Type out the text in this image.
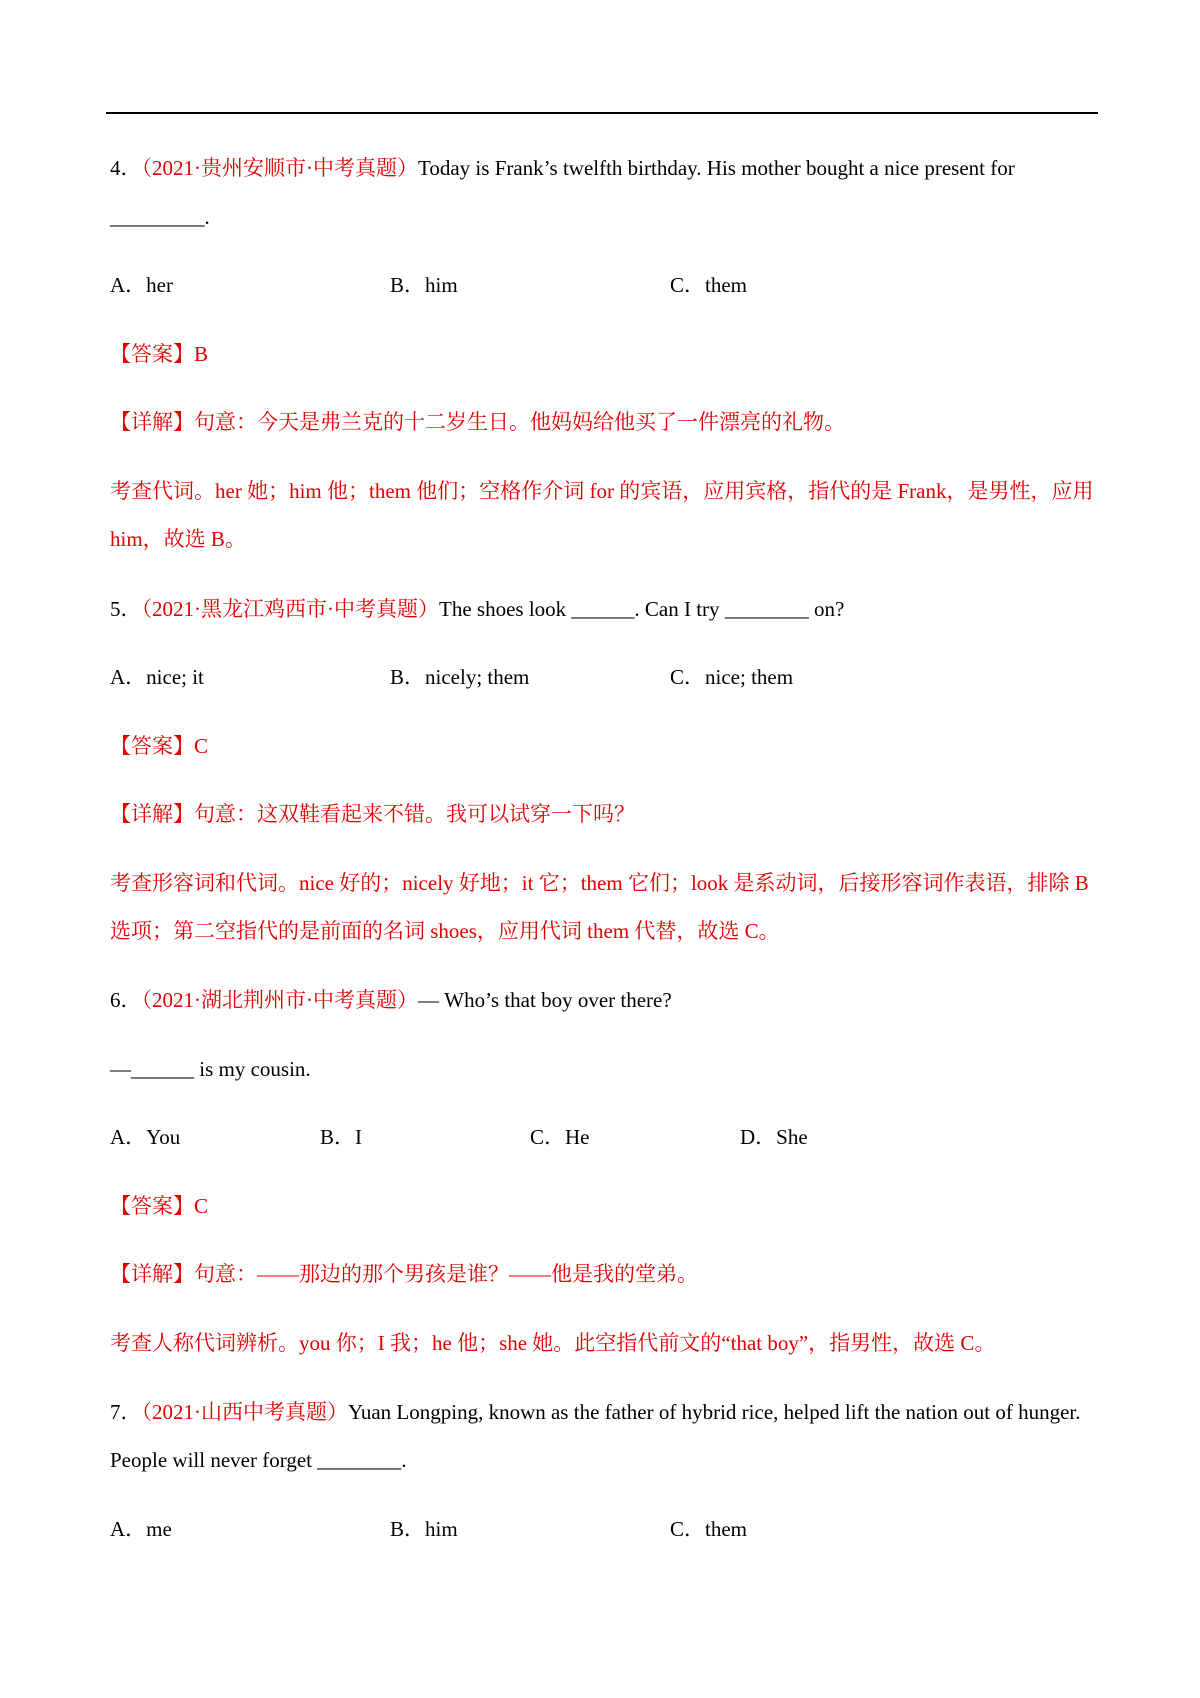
4．（2021·贵州安顺市·中考真题）Today is Frank’s twelfth birthday. His mother bought a nice present for
_________.
A．her	B．him	C．them
【答案】B
【详解】句意：今天是弗兰克的十二岁生日。他妈妈给他买了一件漂亮的礼物。
考查代词。her 她；him 他；them 他们；空格作介词 for 的宾语，应用宾格，指代的是 Frank，是男性，应用
him，故选 B。
5．（2021·黑龙江鸡西市·中考真题）The shoes look ______. Can I try ________ on?
A．nice; it	B．nicely; them	C．nice; them
【答案】C
【详解】句意：这双鞋看起来不错。我可以试穿一下吗？
考查形容词和代词。nice 好的；nicely 好地；it 它；them 它们；look 是系动词，后接形容词作表语，排除 B
选项；第二空指代的是前面的名词 shoes，应用代词 them 代替，故选 C。
6．（2021·湖北荆州市·中考真题）— Who’s that boy over there?
—______ is my cousin.
A．You	B．I	C．He	D．She
【答案】C
【详解】句意：——那边的那个男孩是谁？——他是我的堂弟。
考查人称代词辨析。you 你；I 我；he 他；she 她。此空指代前文的“that boy”，指男性，故选 C。
7．（2021·山西中考真题）Yuan Longping, known as the father of hybrid rice, helped lift the nation out of hunger.
People will never forget ________.
A．me	B．him	C．them
